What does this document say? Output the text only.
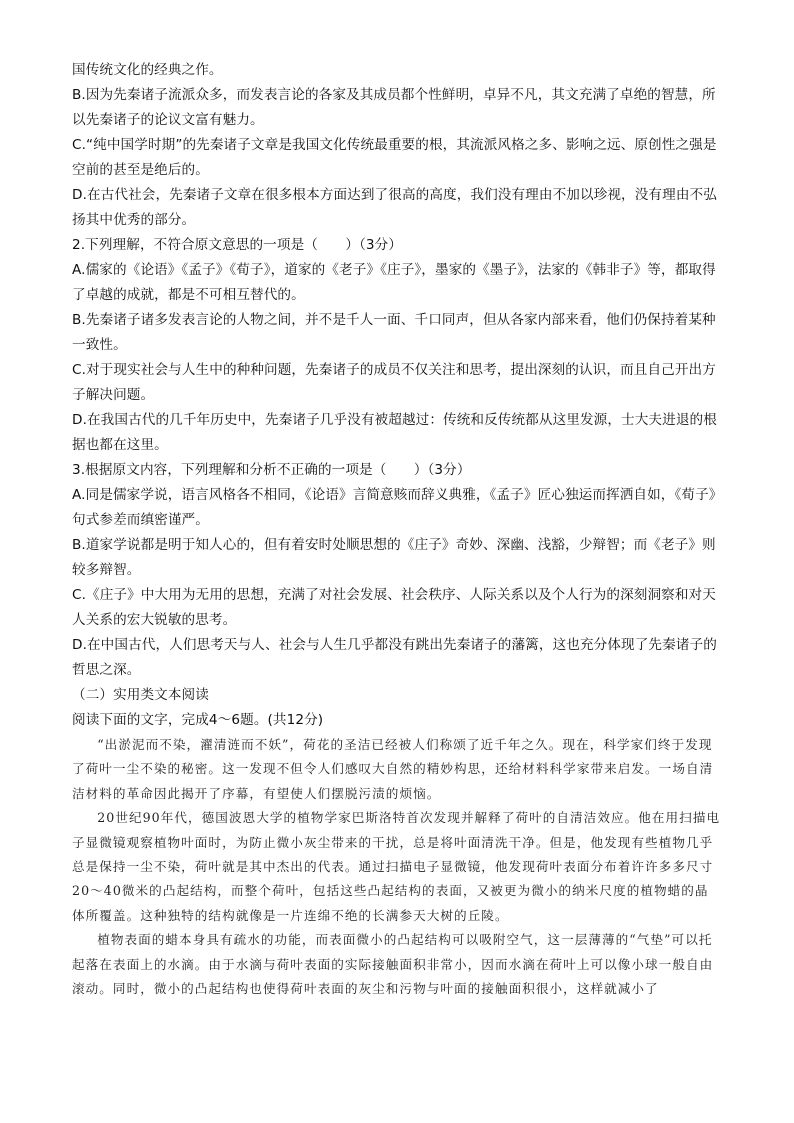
国传统文化的经典之作。

B.因为先秦诸子流派众多，而发表言论的各家及其成员都个性鲜明，卓异不凡，其文充满了卓绝的智慧，所以先秦诸子的论议文富有魅力。

C.“纯中国学时期”的先秦诸子文章是我国文化传统最重要的根，其流派风格之多、影响之远、原创性之强是空前的甚至是绝后的。

D.在古代社会，先秦诸子文章在很多根本方面达到了很高的高度，我们没有理由不加以珍视，没有理由不弘扬其中优秀的部分。

2.下列理解，不符合原文意思的一项是（　　）（3分）

A.儒家的《论语》《孟子》《荀子》，道家的《老子》《庄子》，墨家的《墨子》，法家的《韩非子》等，都取得了卓越的成就，都是不可相互替代的。

B.先秦诸子诸多发表言论的人物之间，并不是千人一面、千口同声，但从各家内部来看，他们仍保持着某种一致性。

C.对于现实社会与人生中的种种问题，先秦诸子的成员不仅关注和思考，提出深刻的认识，而且自己开出方子解决问题。

D.在我国古代的几千年历史中，先秦诸子几乎没有被超越过：传统和反传统都从这里发源，士大夫进退的根据也都在这里。

3.根据原文内容，下列理解和分析不正确的一项是（　　）（3分）

A.同是儒家学说，语言风格各不相同，《论语》言简意赅而辞义典雅，《孟子》匠心独运而挥洒自如，《荀子》句式参差而缜密谨严。

B.道家学说都是明于知人心的，但有着安时处顺思想的《庄子》奇妙、深幽、浅豁，少辩智；而《老子》则较多辩智。

C.《庄子》中大用为无用的思想，充满了对社会发展、社会秩序、人际关系以及个人行为的深刻洞察和对天人关系的宏大锐敏的思考。

D.在中国古代，人们思考天与人、社会与人生几乎都没有跳出先秦诸子的藩篱，这也充分体现了先秦诸子的哲思之深。

（二）实用类文本阅读

阅读下面的文字，完成4～6题。(共12分)

“出淤泥而不染，濯清涟而不妖”，荷花的圣洁已经被人们称颂了近千年之久。现在，科学家们终于发现了荷叶一尘不染的秘密。这一发现不但令人们感叹大自然的精妙构思，还给材料科学家带来启发。一场自清洁材料的革命因此揭开了序幕，有望使人们摆脱污渍的烦恼。

20世纪90年代，德国波恩大学的植物学家巴斯洛特首次发现并解释了荷叶的自清洁效应。他在用扫描电子显微镜观察植物叶面时，为防止微小灰尘带来的干扰，总是将叶面清洗干净。但是，他发现有些植物几乎总是保持一尘不染，荷叶就是其中杰出的代表。通过扫描电子显微镜，他发现荷叶表面分布着许许多多尺寸20～40微米的凸起结构，而整个荷叶，包括这些凸起结构的表面，又被更为微小的纳米尺度的植物蜡的晶体所覆盖。这种独特的结构就像是一片连绵不绝的长满参天大树的丘陵。

植物表面的蜡本身具有疏水的功能，而表面微小的凸起结构可以吸附空气，这一层薄薄的“气垫”可以托起落在表面上的水滴。由于水滴与荷叶表面的实际接触面积非常小，因而水滴在荷叶上可以像小球一般自由滚动。同时，微小的凸起结构也使得荷叶表面的灰尘和污物与叶面的接触面积很小，这样就减小了
